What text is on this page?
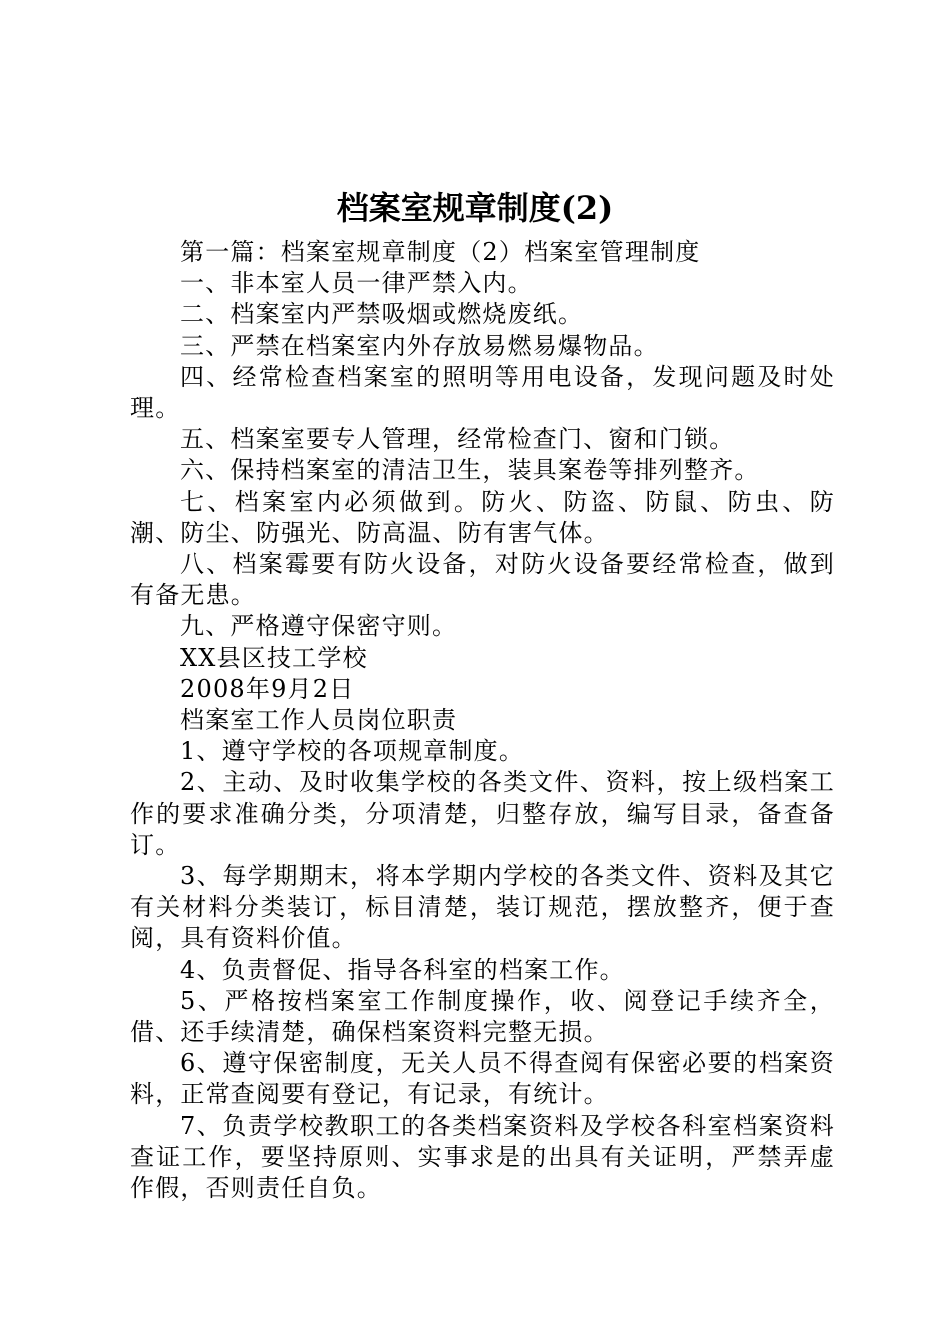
档案室规章制度(2)

第一篇：档案室规章制度（2）档案室管理制度

一、非本室人员一律严禁入内。

二、档案室内严禁吸烟或燃烧废纸。

三、严禁在档案室内外存放易燃易爆物品。

四、经常检查档案室的照明等用电设备，发现问题及时处理。

五、档案室要专人管理，经常检查门、窗和门锁。

六、保持档案室的清洁卫生，装具案卷等排列整齐。

七、档案室内必须做到。防火、防盗、防鼠、防虫、防潮、防尘、防强光、防高温、防有害气体。

八、档案霉要有防火设备，对防火设备要经常检查，做到有备无患。

九、严格遵守保密守则。

XX县区技工学校

2008年9月2日

档案室工作人员岗位职责

1、遵守学校的各项规章制度。

2、主动、及时收集学校的各类文件、资料，按上级档案工作的要求准确分类，分项清楚，归整存放，编写目录，备查备订。

3、每学期期末，将本学期内学校的各类文件、资料及其它有关材料分类装订，标目清楚，装订规范，摆放整齐，便于查阅，具有资料价值。

4、负责督促、指导各科室的档案工作。

5、严格按档案室工作制度操作，收、阅登记手续齐全，借、还手续清楚，确保档案资料完整无损。

6、遵守保密制度，无关人员不得查阅有保密必要的档案资料，正常查阅要有登记，有记录，有统计。

7、负责学校教职工的各类档案资料及学校各科室档案资料查证工作，要坚持原则、实事求是的出具有关证明，严禁弄虚作假，否则责任自负。
